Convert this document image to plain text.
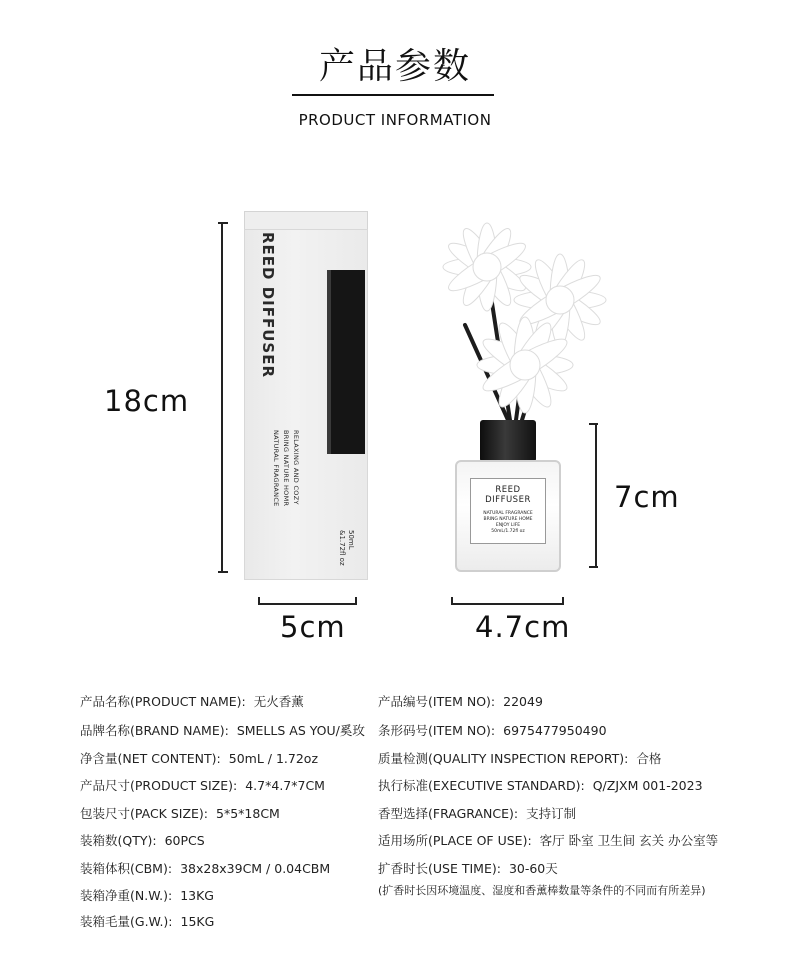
产品参数
PRODUCT INFORMATION
18cm
REED DIFFUSER
RELAXING AND COZY
BRING NATURE HOMR
NATURAL FRAGRANCE
50mL
&1.72fl oz
5cm
REED
DIFFUSER
NATURAL FRAGRANCE
BRING NATURE HOME
ENJOY LIFE
50mL/1.72fl oz
7cm
4.7cm
产品名称(PRODUCT NAME): 无火香薰
品牌名称(BRAND NAME): SMELLS AS YOU/奚玫
净含量(NET CONTENT): 50mL / 1.72oz
产品尺寸(PRODUCT SIZE): 4.7*4.7*7CM
包装尺寸(PACK SIZE): 5*5*18CM
装箱数(QTY): 60PCS
装箱体积(CBM): 38x28x39CM / 0.04CBM
装箱净重(N.W.): 13KG
装箱毛量(G.W.): 15KG
产品编号(ITEM NO): 22049
条形码号(ITEM NO): 6975477950490
质量检测(QUALITY INSPECTION REPORT): 合格
执行标准(EXECUTIVE STANDARD): Q/ZJXM 001-2023
香型选择(FRAGRANCE): 支持订制
适用场所(PLACE OF USE): 客厅 卧室 卫生间 玄关 办公室等
扩香时长(USE TIME): 30-60天
(扩香时长因环境温度、湿度和香薰棒数量等条件的不同而有所差异)
